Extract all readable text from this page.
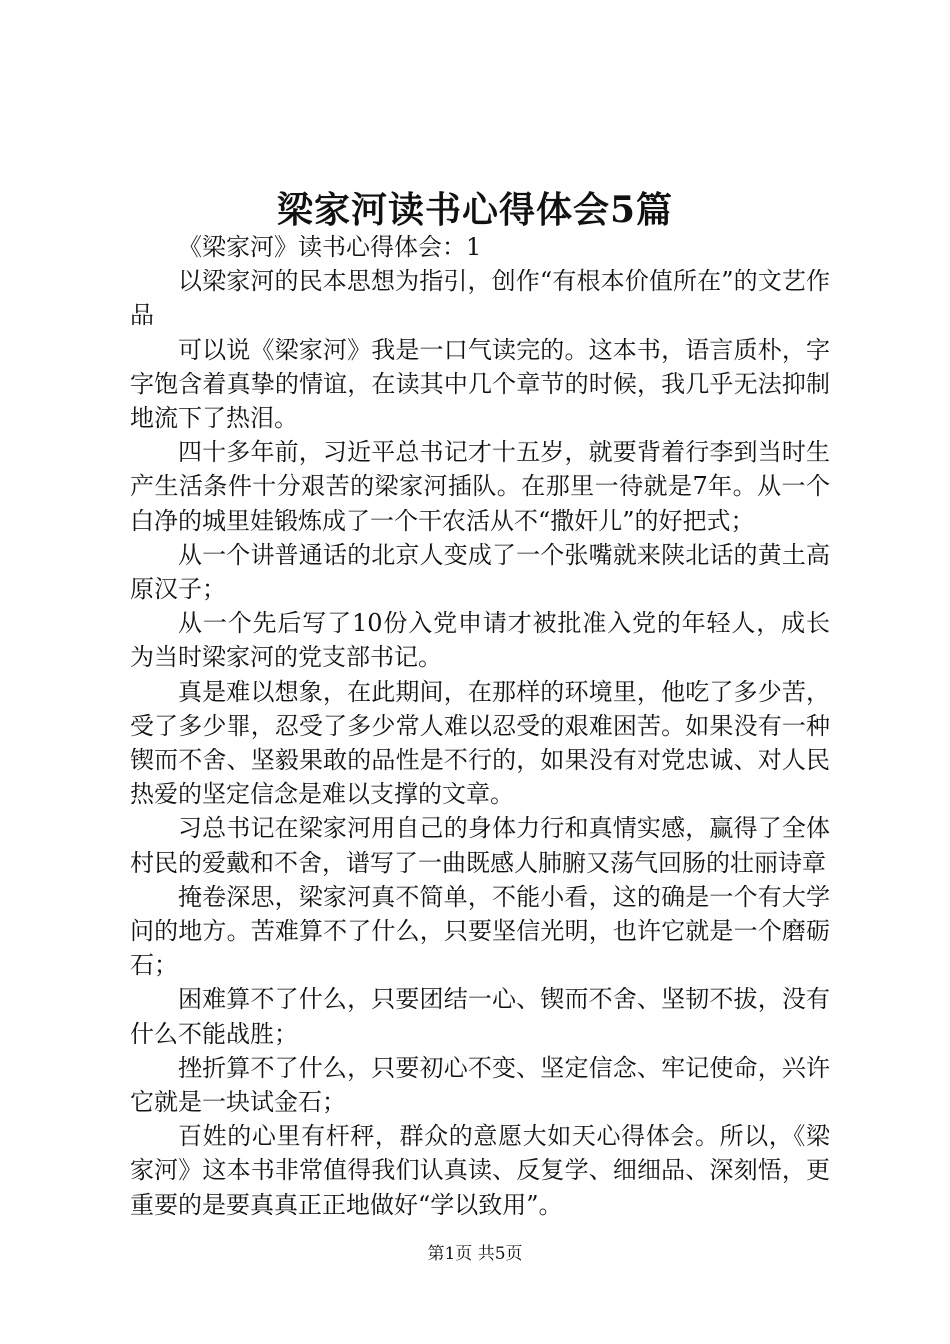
梁家河读书心得体会5篇

《梁家河》读书心得体会：1

以梁家河的民本思想为指引，创作“有根本价值所在”的文艺作品

可以说《梁家河》我是一口气读完的。这本书，语言质朴，字字饱含着真挚的情谊，在读其中几个章节的时候，我几乎无法抑制地流下了热泪。

四十多年前，习近平总书记才十五岁，就要背着行李到当时生产生活条件十分艰苦的梁家河插队。在那里一待就是7年。从一个白净的城里娃锻炼成了一个干农活从不“撒奸儿”的好把式；

从一个讲普通话的北京人变成了一个张嘴就来陕北话的黄土高原汉子；

从一个先后写了10份入党申请才被批准入党的年轻人，成长为当时梁家河的党支部书记。

真是难以想象，在此期间，在那样的环境里，他吃了多少苦，受了多少罪，忍受了多少常人难以忍受的艰难困苦。如果没有一种锲而不舍、坚毅果敢的品性是不行的，如果没有对党忠诚、对人民热爱的坚定信念是难以支撑的文章。

习总书记在梁家河用自己的身体力行和真情实感，赢得了全体村民的爱戴和不舍，谱写了一曲既感人肺腑又荡气回肠的壮丽诗章

掩卷深思，梁家河真不简单，不能小看，这的确是一个有大学问的地方。苦难算不了什么，只要坚信光明，也许它就是一个磨砺石；

困难算不了什么，只要团结一心、锲而不舍、坚韧不拔，没有什么不能战胜；

挫折算不了什么，只要初心不变、坚定信念、牢记使命，兴许它就是一块试金石；

百姓的心里有杆秤，群众的意愿大如天心得体会。所以，《梁家河》这本书非常值得我们认真读、反复学、细细品、深刻悟，更重要的是要真真正正地做好“学以致用”。

第1页 共5页
